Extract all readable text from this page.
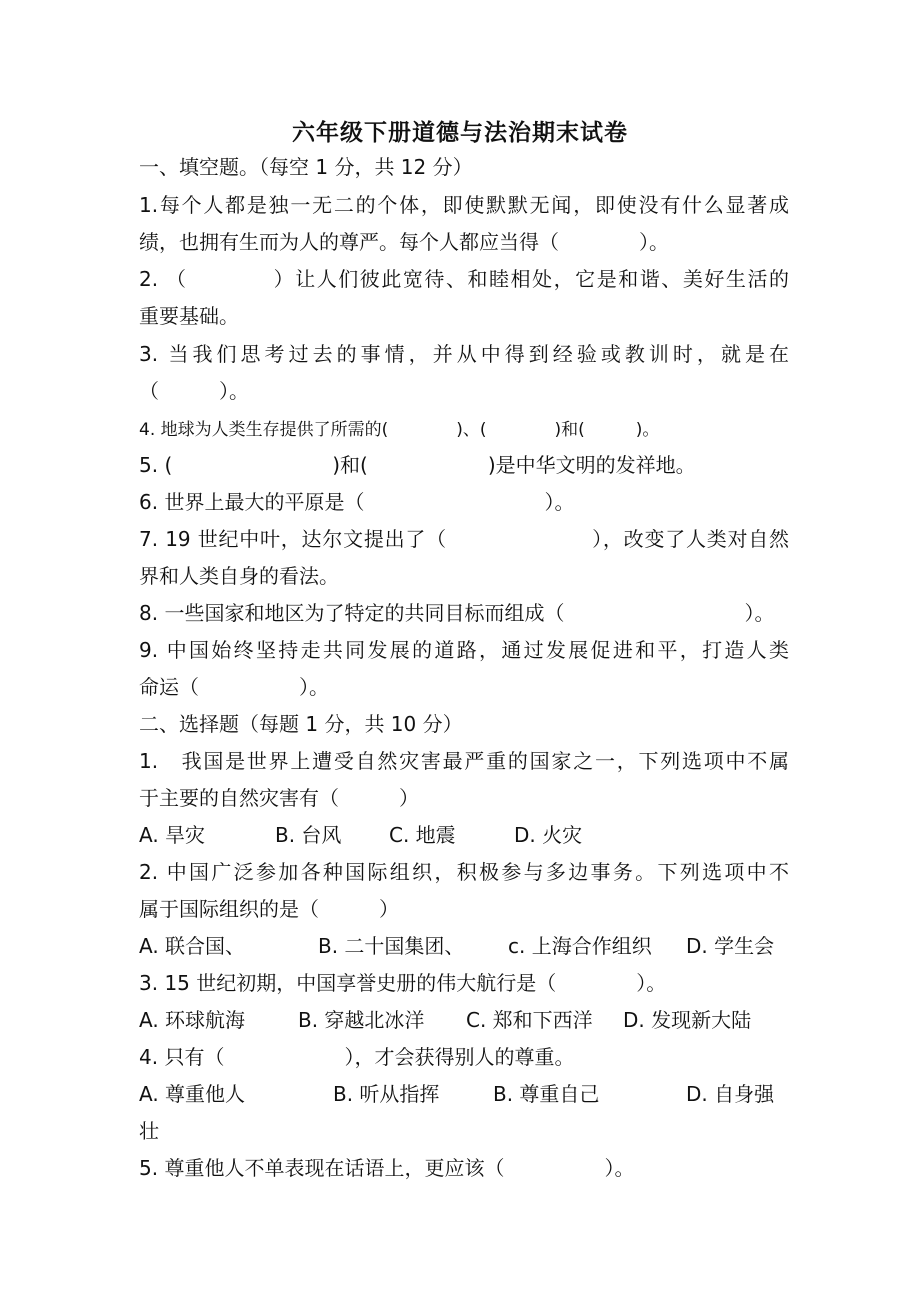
六年级下册道德与法治期末试卷
一、填空题。（每空 1 分，共 12 分）
1.每个人都是独一无二的个体，即使默默无闻，即使没有什么显著成
绩，也拥有生而为人的尊严。每个人都应当得（　　　　）。
2. （　　　　）让人们彼此宽待、和睦相处，它是和谐、美好生活的
重要基础。
3. 当我们思考过去的事情，并从中得到经验或教训时，就是在
（　　　）。
4. 地球为人类生存提供了所需的(　　　　)、(　　　　)和(　　　)。
5. (　　　　　　　　)和(　　　　　　)是中华文明的发祥地。
6. 世界上最大的平原是（　　　　　　　　　）。
7. 19 世纪中叶，达尔文提出了（　　　　　　　），改变了人类对自然
界和人类自身的看法。
8. 一些国家和地区为了特定的共同目标而组成（　　　　　　　　　）。
9. 中国始终坚持走共同发展的道路，通过发展促进和平，打造人类
命运（　　　　　）。
二、选择题（每题 1 分，共 10 分）
1.　我国是世界上遭受自然灾害最严重的国家之一，下列选项中不属
于主要的自然灾害有（　　　）
A. 旱灾	B. 台风 C. 地震	D. 火灾
2. 中国广泛参加各种国际组织，积极参与多边事务。下列选项中不
属于国际组织的是（　　　）
A. 联合国、	B. 二十国集团、 c. 上海合作组织 D. 学生会
3. 15 世纪初期，中国享誉史册的伟大航行是（　　　　）。
A. 环球航海	B. 穿越北冰洋 C. 郑和下西洋 D. 发现新大陆
4. 只有（　　　　　　），才会获得别人的尊重。
A. 尊重他人	B. 听从指挥	B. 尊重自己	D. 自身强
壮
5. 尊重他人不单表现在话语上，更应该（　　　　　）。
